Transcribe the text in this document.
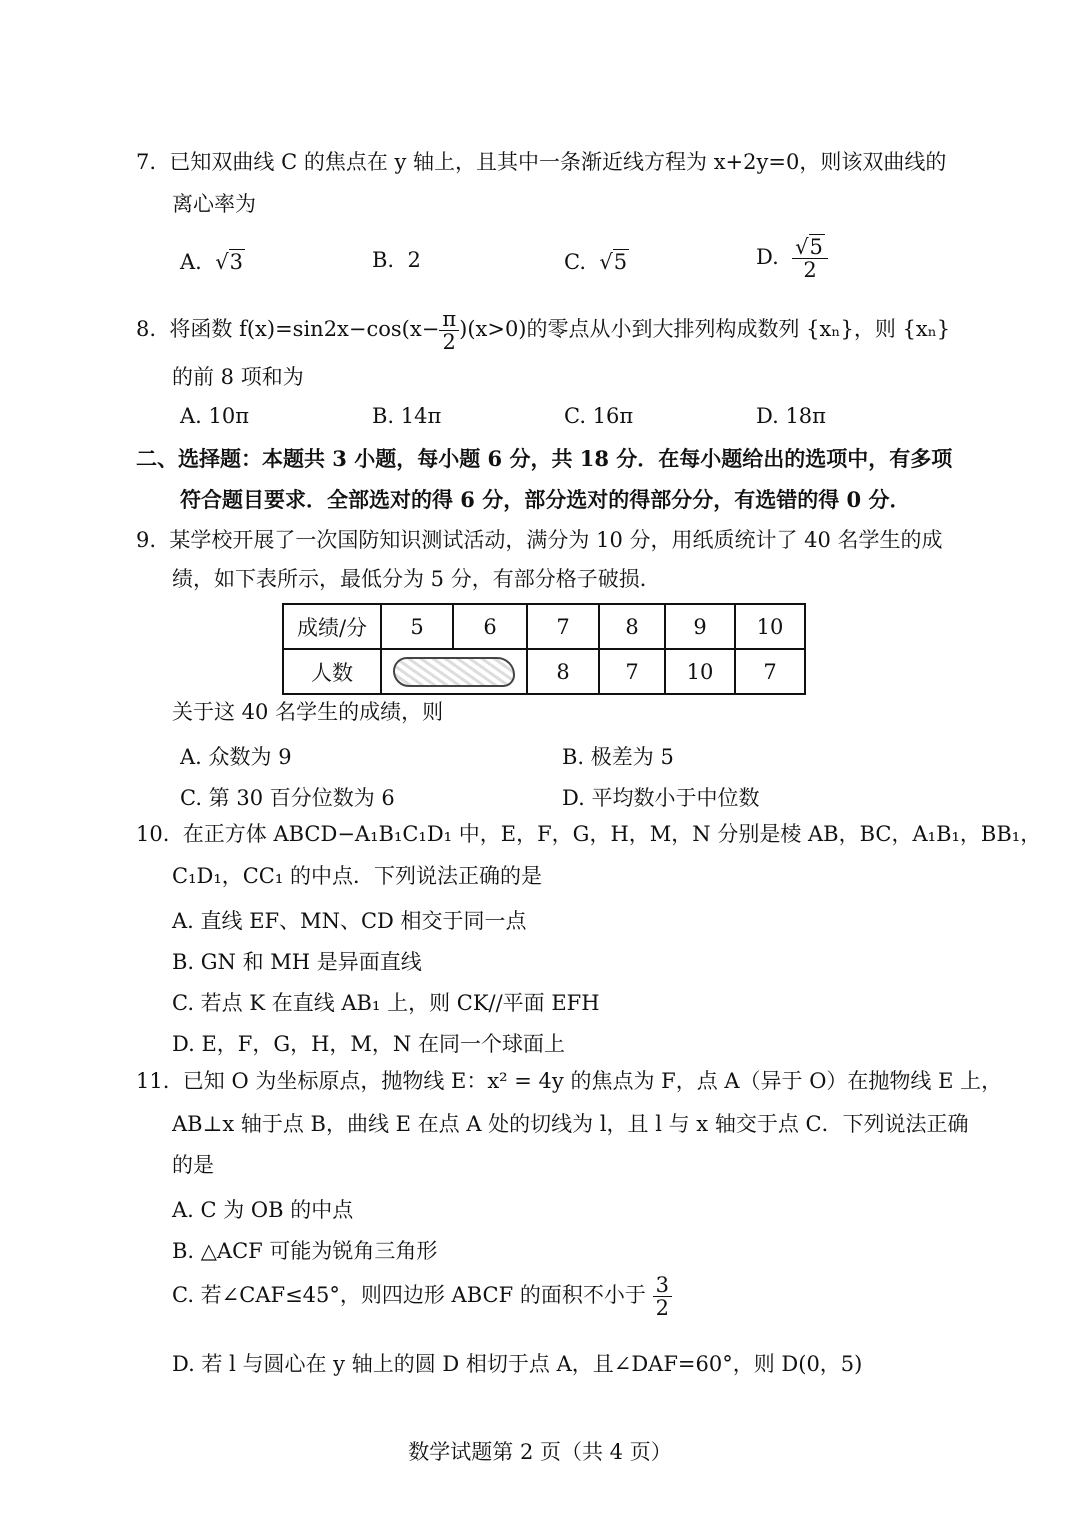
7. 已知双曲线 C 的焦点在 y 轴上，且其中一条渐近线方程为 x+2y=0，则该双曲线的
离心率为
A. √3	B. 2	C. √5	D. $\frac{√5}{2}$
8. 将函数 $f(x)=\sin 2x-\cos(x- \frac{\pi}{2} )(x>0)$的零点从小到大排列构成数列 {xₙ}，则 {xₙ}
的前 8 项和为
A. 10π	B. 14π	C. 16π	D. 18π
二、选择题：本题共 3 小题，每小题 6 分，共 18 分．在每小题给出的选项中，有多项
符合题目要求．全部选对的得 6 分，部分选对的得部分分，有选错的得 0 分．
9. 某学校开展了一次国防知识测试活动，满分为 10 分，用纸质统计了 40 名学生的成
绩，如下表所示，最低分为 5 分，有部分格子破损．
成绩/分	5	6	7	8	9	10
人数			8	7	10	7
关于这 40 名学生的成绩，则
A. 众数为 9	B. 极差为 5
C. 第 30 百分位数为 6	D. 平均数小于中位数
10. 在正方体 ABCD−A₁B₁C₁D₁ 中，E，F，G，H，M，N 分别是棱 AB，BC，A₁B₁，BB₁，
C₁D₁，CC₁ 的中点．下列说法正确的是
A. 直线 EF、MN、CD 相交于同一点
B. GN 和 MH 是异面直线
C. 若点 K 在直线 AB₁ 上，则 CK//平面 EFH
D. E，F，G，H，M，N 在同一个球面上
11. 已知 O 为坐标原点，抛物线 E：x² = 4y 的焦点为 F，点 A（异于 O）在抛物线 E 上，
AB⊥x 轴于点 B，曲线 E 在点 A 处的切线为 l，且 l 与 x 轴交于点 C．下列说法正确
的是
A. C 为 OB 的中点
B. △ACF 可能为锐角三角形
C. 若∠CAF≤45°，则四边形 ABCF 的面积不小于 $\frac{3}{2}$
D. 若 l 与圆心在 y 轴上的圆 D 相切于点 A，且∠DAF=60°，则 D(0，5)
数学试题第 2 页（共 4 页）
